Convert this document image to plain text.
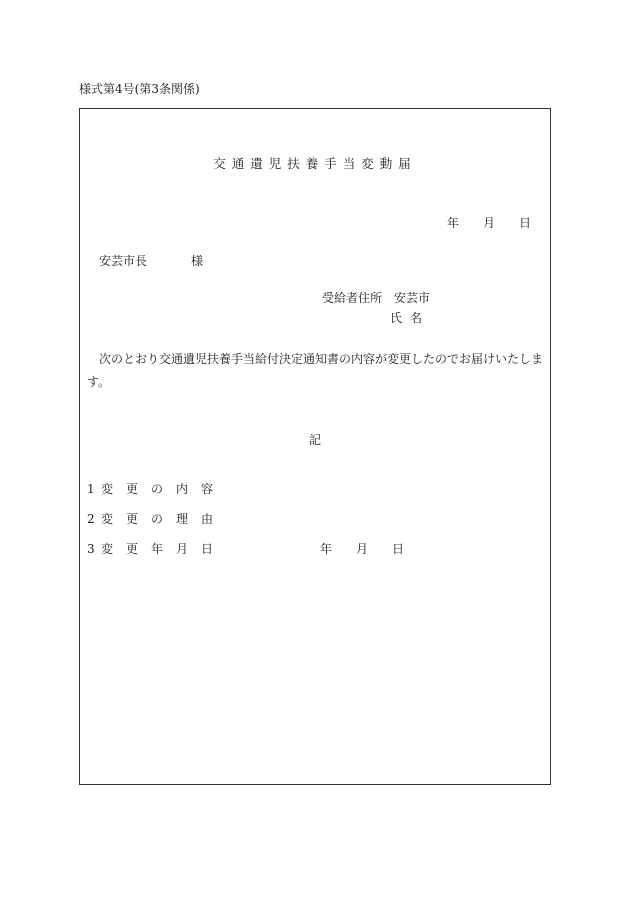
様式第4号(第3条関係)
交通遺児扶養手当変動届
年 月 日
安芸市長	様
受給者住所 安芸市
氏名
次のとおり交通遺児扶養手当給付決定通知書の内容が変更したのでお届けいたします。
記
1 変更の内容
2 変更の理由
3 変更年月日	年 月 日
